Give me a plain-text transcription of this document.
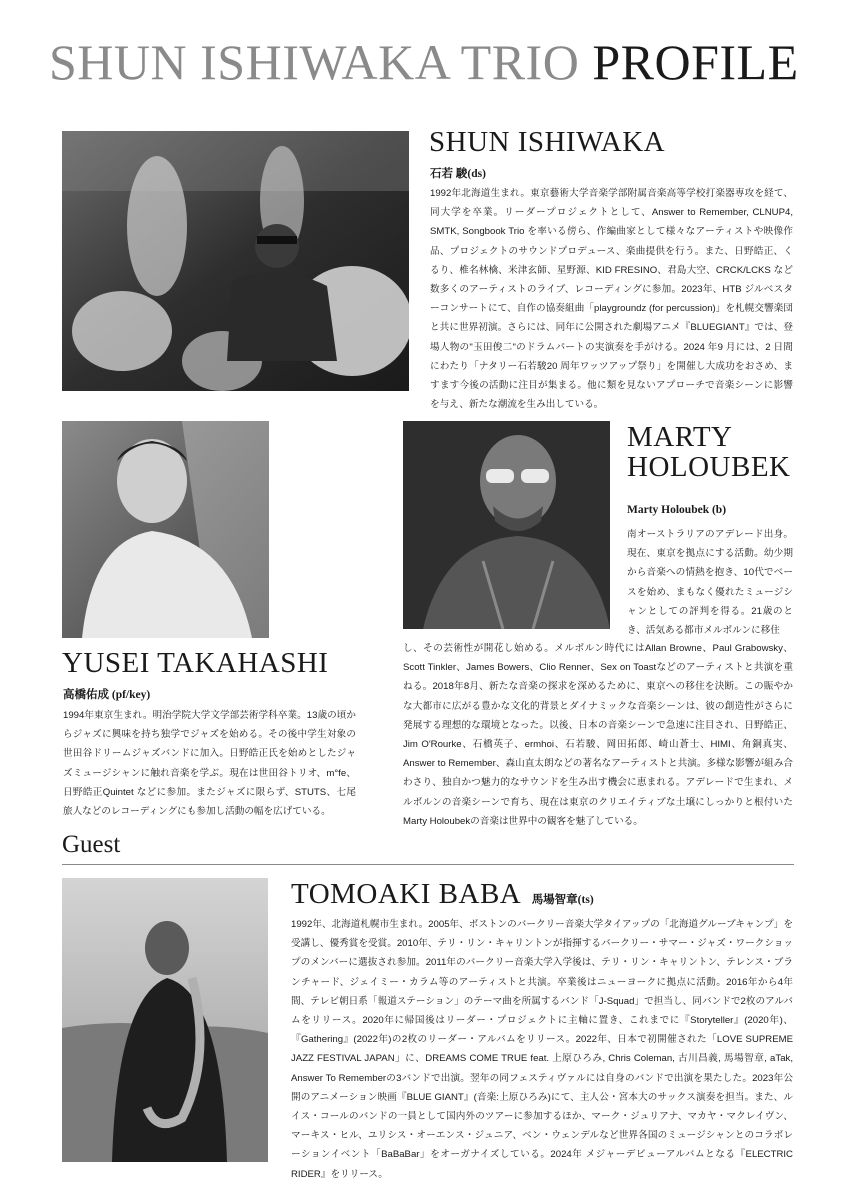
SHUN ISHIWAKA TRIO PROFILE
SHUN ISHIWAKA
石若 駿(ds)
1992年北海道生まれ。東京藝術大学音楽学部附属音楽高等学校打楽器専攻を経て、同大学を卒業。リーダープロジェクトとして、Answer to Remember, CLNUP4, SMTK, Songbook Trio を率いる傍ら、作編曲家として様々なアーティストや映像作品、プロジェクトのサウンドプロデュース、楽曲提供を行う。また、日野皓正、くるり、椎名林檎、米津玄師、星野源、KID FRESINO、君島大空、CRCK/LCKS など数多くのアーティストのライブ、レコーディングに参加。2023年、HTB ジルベスターコンサートにて、自作の協奏組曲「playgroundz (for percussion)」を札幌交響楽団と共に世界初演。さらには、同年に公開された劇場アニメ『BLUEGIANT』では、登場人物の"玉田俊二"のドラムパートの実演奏を手がける。2024 年9 月には、2 日間にわたり「ナタリー石若駿20 周年ワッツアップ祭り」を開催し大成功をおさめ、ますます今後の活動に注目が集まる。他に類を見ないアプローチで音楽シーンに影響を与え、新たな潮流を生み出している。
YUSEI TAKAHASHI
高橋佑成 (pf/key)
1994年東京生まれ。明治学院大学文学部芸術学科卒業。13歳の頃からジャズに興味を持ち独学でジャズを始める。その後中学生対象の世田谷ドリームジャズバンドに加入。日野皓正氏を始めとしたジャズミュージシャンに触れ音楽を学ぶ。現在は世田谷トリオ、m°fe、日野皓正Quintet などに参加。またジャズに限らず、STUTS、七尾旅人などのレコーディングにも参加し活動の幅を広げている。
MARTY
HOLOUBEK
Marty Holoubek (b)
南オーストラリアのアデレード出身。現在、東京を拠点にする活動。幼少期から音楽への情熱を抱き、10代でベースを始め、まもなく優れたミュージシャンとしての評判を得る。21歳のとき、活気ある都市メルボルンに移住
し、その芸術性が開花し始める。メルボルン時代にはAllan Browne、Paul Grabowsky、Scott Tinkler、James Bowers、Clio Renner、Sex on Toastなどのアーティストと共演を重ねる。2018年8月、新たな音楽の探求を深めるために、東京への移住を決断。この賑やかな大都市に広がる豊かな文化的背景とダイナミックな音楽シーンは、彼の創造性がさらに発展する理想的な環境となった。以後、日本の音楽シーンで急速に注目され、日野皓正、Jim O'Rourke、石橋英子、ermhoi、石若駿、岡田拓郎、崎山蒼士、HIMI、角銅真実、Answer to Remember、森山直太朗などの著名なアーティストと共演。多様な影響が組み合わさり、独自かつ魅力的なサウンドを生み出す機会に恵まれる。アデレードで生まれ、メルボルンの音楽シーンで育ち、現在は東京のクリエイティブな土壌にしっかりと根付いたMarty Holoubekの音楽は世界中の観客を魅了している。
Guest
TOMOAKI BABA 馬場智章(ts)
1992年、北海道札幌市生まれ。2005年、ボストンのバークリー音楽大学タイアップの「北海道グルーブキャンプ」を受講し、優秀賞を受賞。2010年、テリ・リン・キャリントンが指揮するバークリー・サマー・ジャズ・ワークショップのメンバーに選抜され参加。2011年のバークリー音楽大学入学後は、テリ・リン・キャリントン、テレンス・ブランチャード、ジェイミー・カラム等のアーティストと共演。卒業後はニューヨークに拠点に活動。2016年から4年間、テレビ朝日系「報道ステーション」のテーマ曲を所属するバンド「J-Squad」で担当し、同バンドで2枚のアルバムをリリース。2020年に帰国後はリーダー・プロジェクトに主軸に置き、これまでに『Storyteller』(2020年)、『Gathering』(2022年)の2枚のリーダー・アルバムをリリース。2022年、日本で初開催された「LOVE SUPREME JAZZ FESTIVAL JAPAN」に、DREAMS COME TRUE feat. 上原ひろみ, Chris Coleman, 古川昌義, 馬場智章, aTak, Answer To Rememberの3バンドで出演。翌年の同フェスティヴァルには自身のバンドで出演を果たした。2023年公開のアニメーション映画『BLUE GIANT』(音楽:上原ひろみ)にて、主人公・宮本大のサックス演奏を担当。また、ルイス・コールのバンドの一員として国内外のツアーに参加するほか、マーク・ジュリアナ、マカヤ・マクレイヴン、マーキス・ヒル、ユリシス・オーエンス・ジュニア、ベン・ウェンデルなど世界各国のミュージシャンとのコラボレーションイベント「BaBaBar」をオーガナイズしている。2024年 メジャーデビューアルバムとなる『ELECTRIC RIDER』をリリース。
